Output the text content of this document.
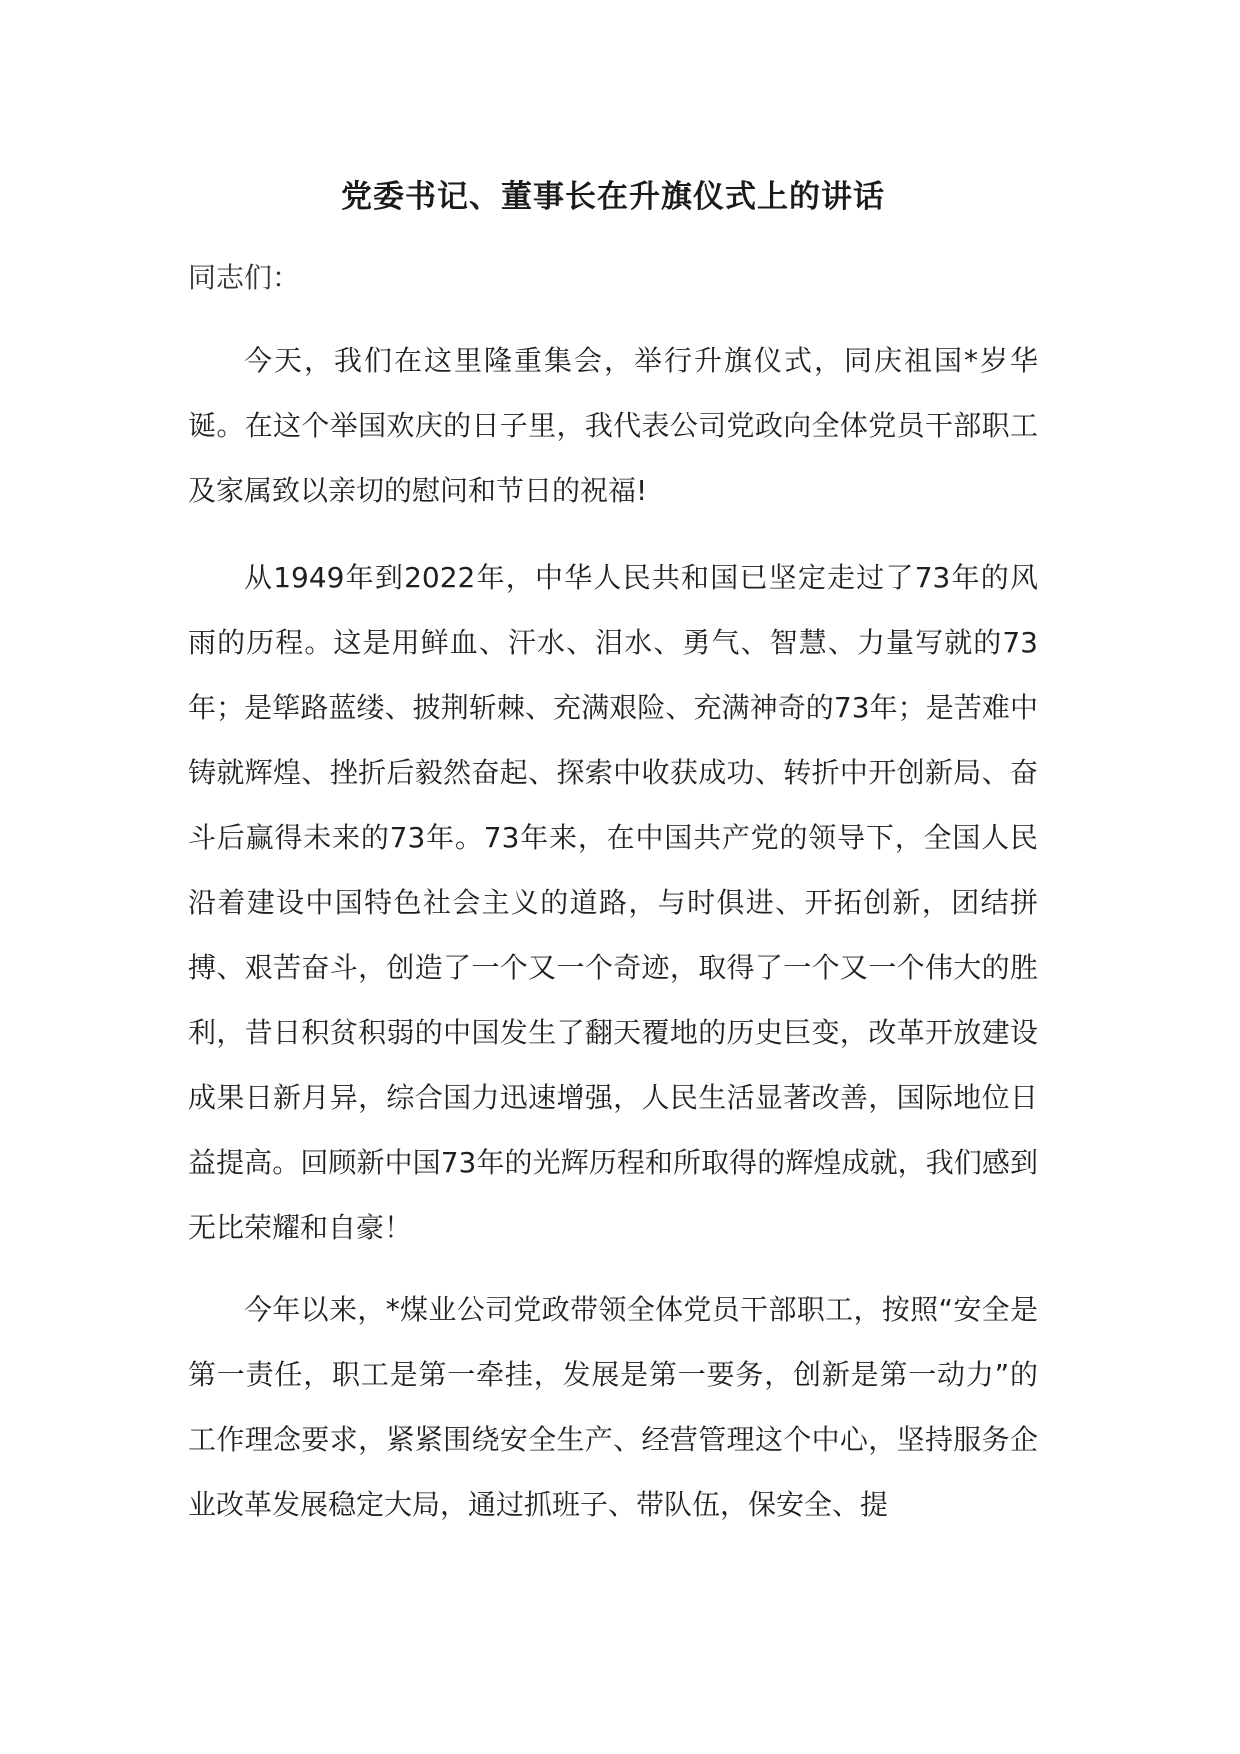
党委书记、董事长在升旗仪式上的讲话
同志们：

今天，我们在这里隆重集会，举行升旗仪式，同庆祖国*岁华诞。在这个举国欢庆的日子里，我代表公司党政向全体党员干部职工及家属致以亲切的慰问和节日的祝福!

从1949年到2022年，中华人民共和国已坚定走过了73年的风雨的历程。这是用鲜血、汗水、泪水、勇气、智慧、力量写就的73年；是筚路蓝缕、披荆斩棘、充满艰险、充满神奇的73年；是苦难中铸就辉煌、挫折后毅然奋起、探索中收获成功、转折中开创新局、奋斗后赢得未来的73年。73年来，在中国共产党的领导下，全国人民沿着建设中国特色社会主义的道路，与时俱进、开拓创新，团结拼搏、艰苦奋斗，创造了一个又一个奇迹，取得了一个又一个伟大的胜利，昔日积贫积弱的中国发生了翻天覆地的历史巨变，改革开放建设成果日新月异，综合国力迅速增强，人民生活显著改善，国际地位日益提高。回顾新中国73年的光辉历程和所取得的辉煌成就，我们感到无比荣耀和自豪！

今年以来，*煤业公司党政带领全体党员干部职工，按照“安全是第一责任，职工是第一牵挂，发展是第一要务，创新是第一动力”的工作理念要求，紧紧围绕安全生产、经营管理这个中心，坚持服务企业改革发展稳定大局，通过抓班子、带队伍，保安全、提
